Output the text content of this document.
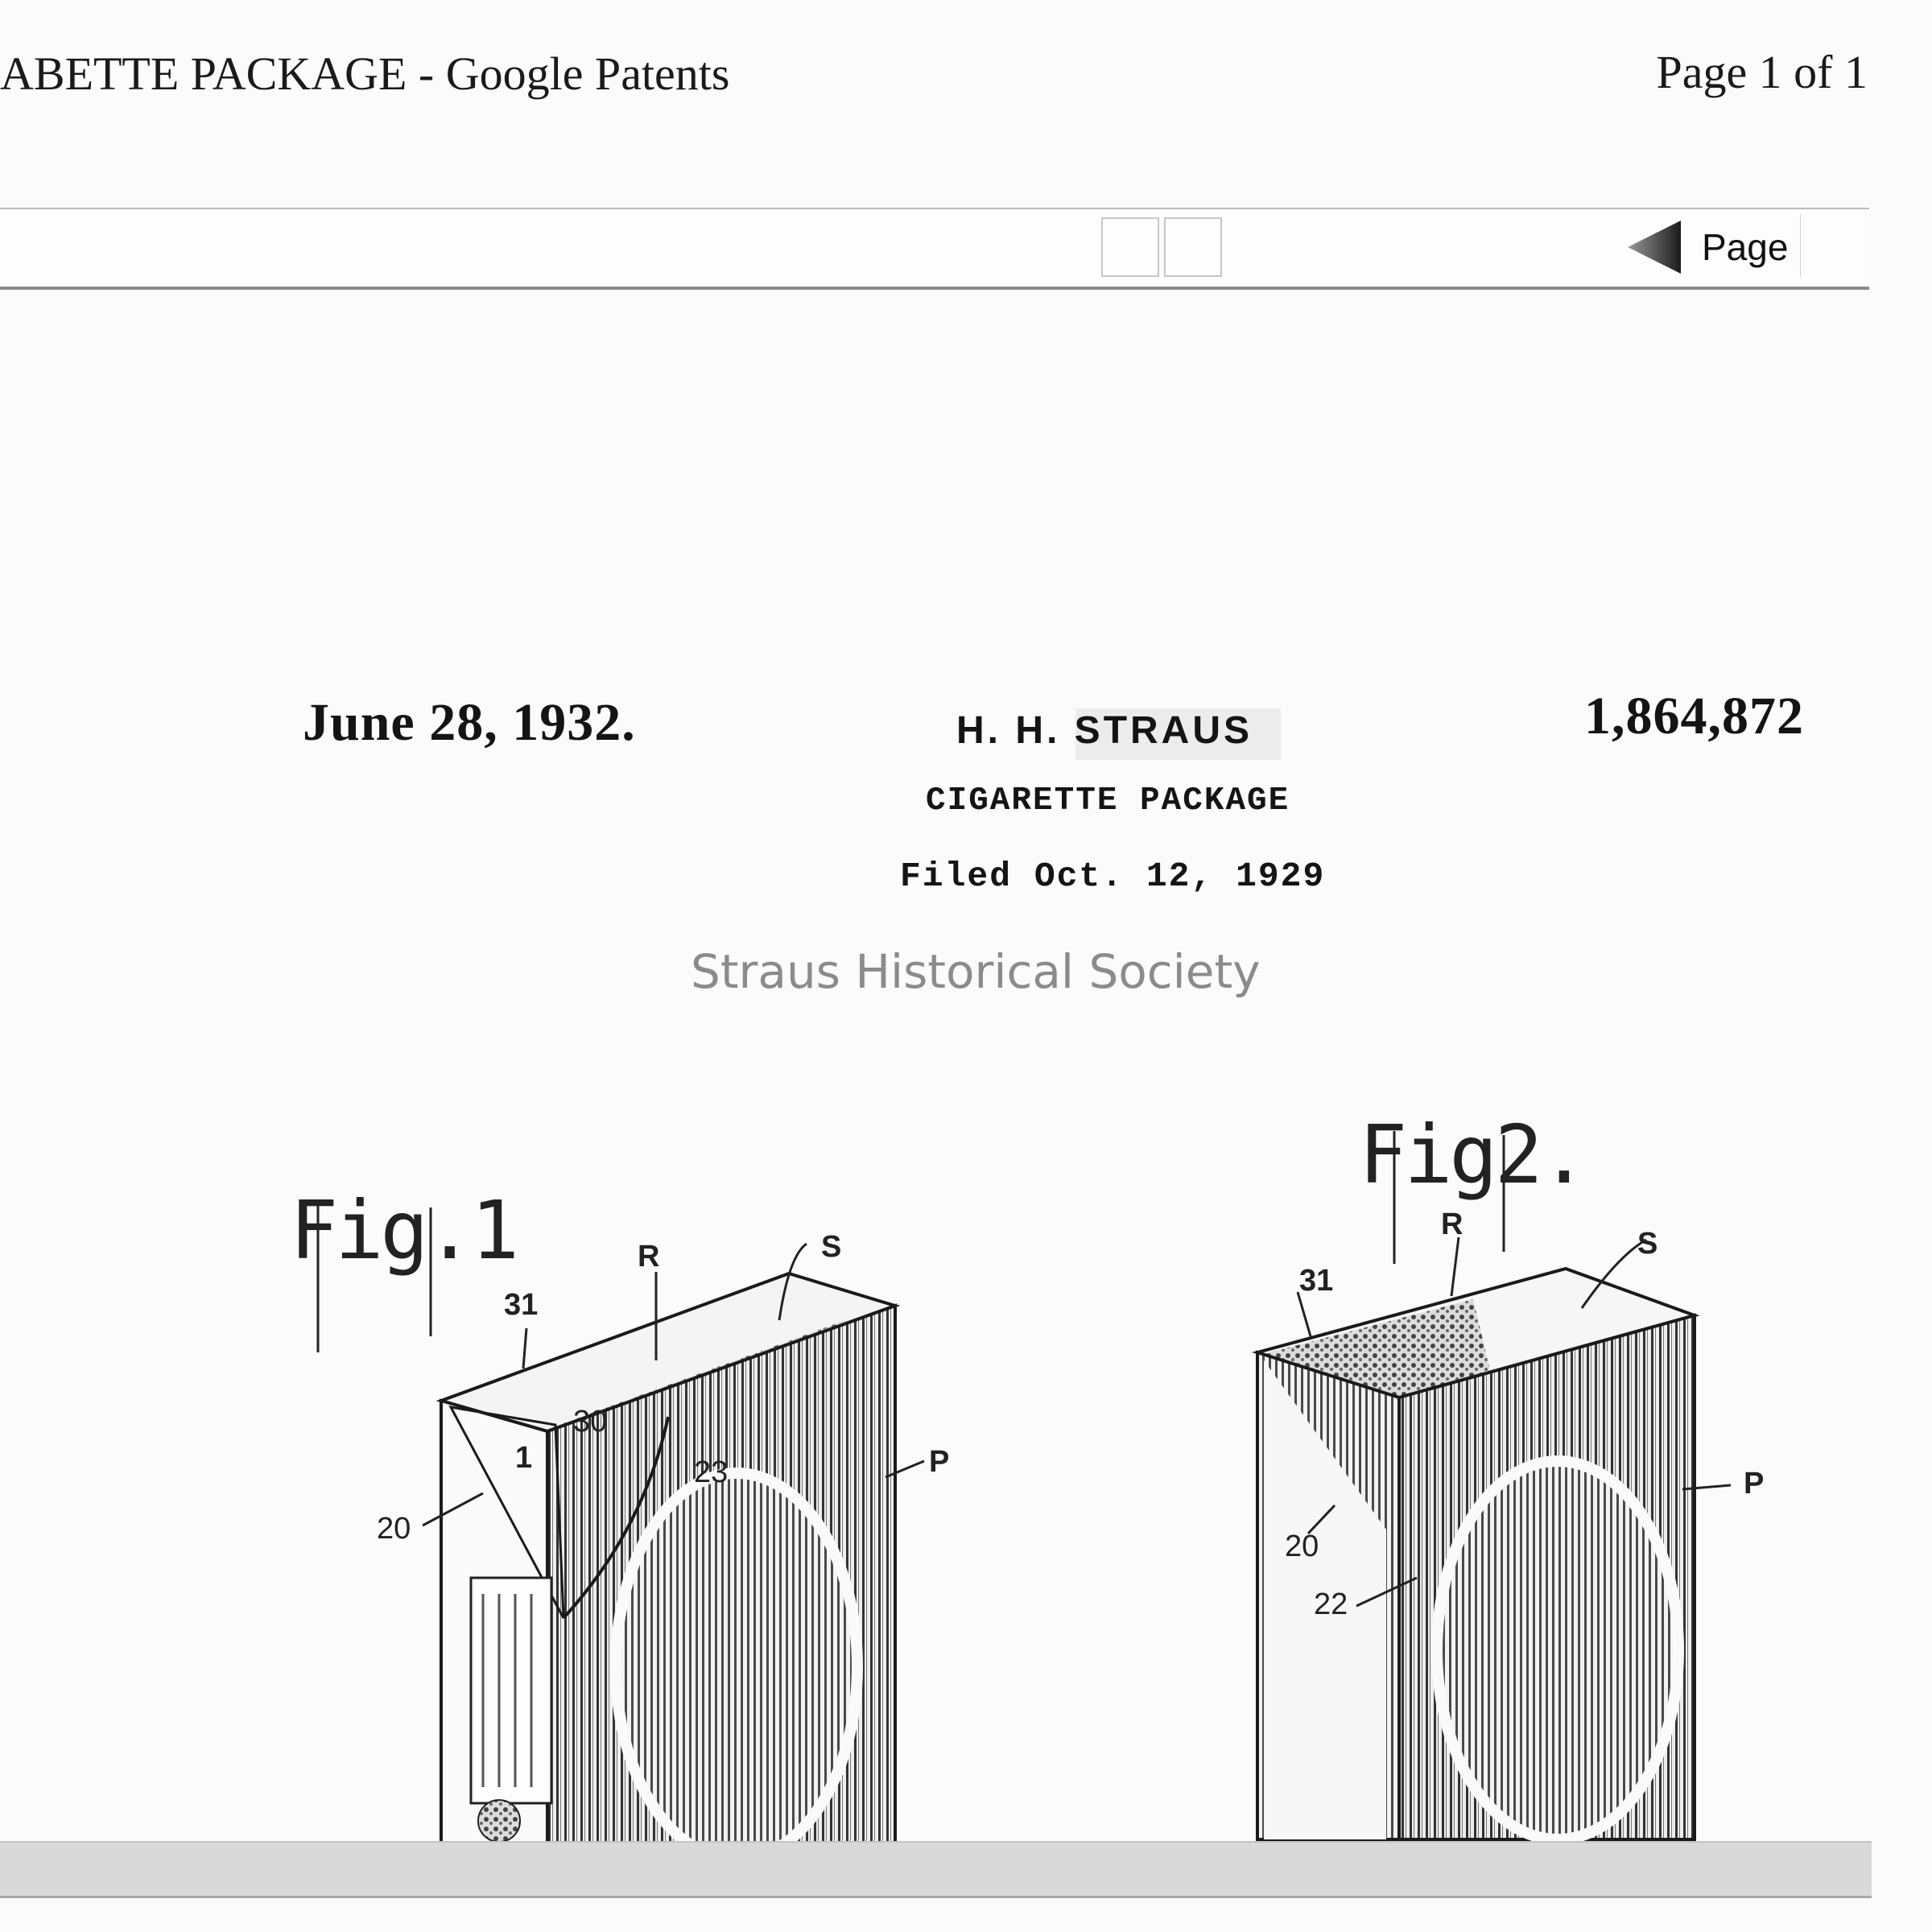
ABETTE PACKAGE - Google Patents	Page 1 of 1
Page
June 28, 1932.	H. H. STRAUS	1,864,872
CIGARETTE PACKAGE
Filed Oct. 12, 1929
Straus Historical Society
Fig.1	R	S
31
P
1
20
30
23
Fig2.
R
S
31
P
20
22
